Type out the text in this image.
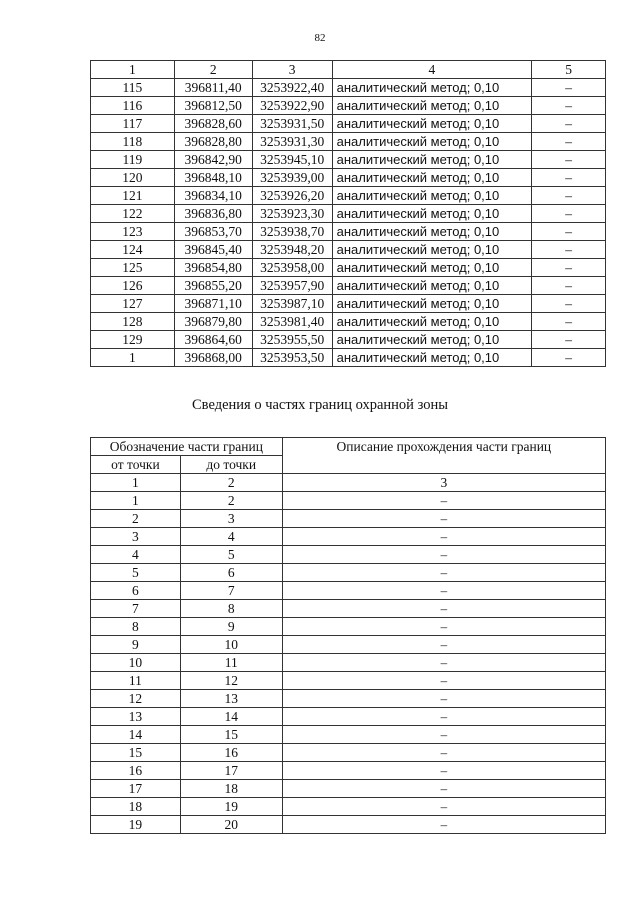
82
1	2	3	4	5
115	396811,40	3253922,40	аналитический метод; 0,10	–
116	396812,50	3253922,90	аналитический метод; 0,10	–
117	396828,60	3253931,50	аналитический метод; 0,10	–
118	396828,80	3253931,30	аналитический метод; 0,10	–
119	396842,90	3253945,10	аналитический метод; 0,10	–
120	396848,10	3253939,00	аналитический метод; 0,10	–
121	396834,10	3253926,20	аналитический метод; 0,10	–
122	396836,80	3253923,30	аналитический метод; 0,10	–
123	396853,70	3253938,70	аналитический метод; 0,10	–
124	396845,40	3253948,20	аналитический метод; 0,10	–
125	396854,80	3253958,00	аналитический метод; 0,10	–
126	396855,20	3253957,90	аналитический метод; 0,10	–
127	396871,10	3253987,10	аналитический метод; 0,10	–
128	396879,80	3253981,40	аналитический метод; 0,10	–
129	396864,60	3253955,50	аналитический метод; 0,10	–
1	396868,00	3253953,50	аналитический метод; 0,10	–
Сведения о частях границ охранной зоны
Обозначение части границ		Описание прохождения части границ
от точки	до точки	
1	2	3
1	2	–
2	3	–
3	4	–
4	5	–
5	6	–
6	7	–
7	8	–
8	9	–
9	10	–
10	11	–
11	12	–
12	13	–
13	14	–
14	15	–
15	16	–
16	17	–
17	18	–
18	19	–
19	20	–
